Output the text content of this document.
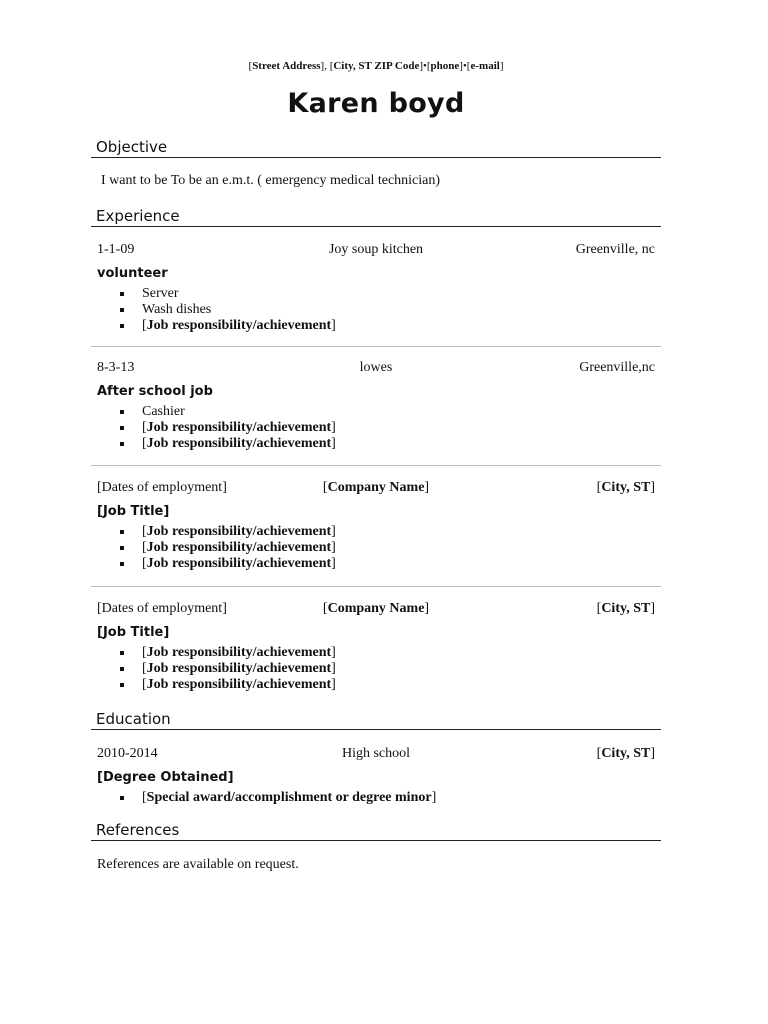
[Street Address], [City, ST ZIP Code]•[phone]•[e-mail]
Karen boyd
Objective
I want to be To be an e.m.t. ( emergency medical technician)
Experience
1-1-09	Joy soup kitchen	Greenville, nc
volunteer
Server
Wash dishes
[Job responsibility/achievement]
8-3-13	lowes	Greenville,nc
After school job
Cashier
[Job responsibility/achievement]
[Job responsibility/achievement]
[Dates of employment]	[Company Name]	[City, ST]
[Job Title]
[Job responsibility/achievement]
[Job responsibility/achievement]
[Job responsibility/achievement]
[Dates of employment]	[Company Name]	[City, ST]
[Job Title]
[Job responsibility/achievement]
[Job responsibility/achievement]
[Job responsibility/achievement]
Education
2010-2014	High school	[City, ST]
[Degree Obtained]
[Special award/accomplishment or degree minor]
References
References are available on request.
